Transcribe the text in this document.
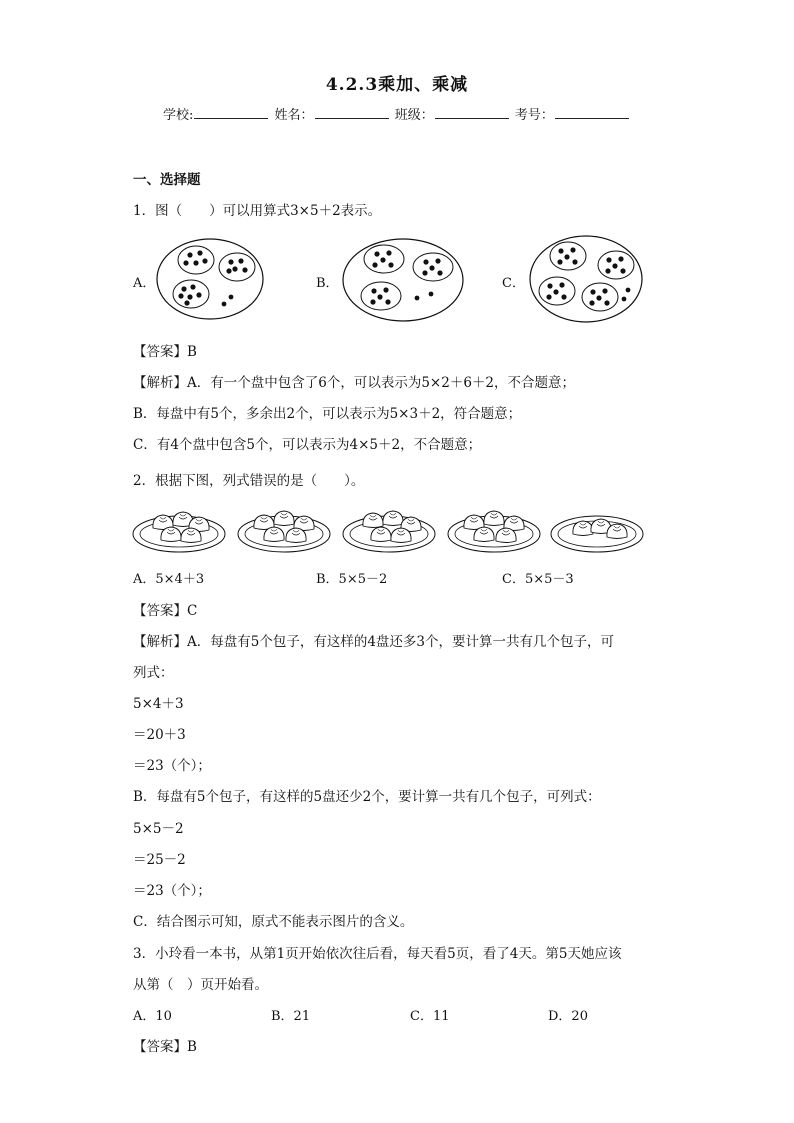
4.2.3乘加、乘减
学校:	姓名：	班级：	考号：
一、选择题
1．图（　　）可以用算式3×5＋2表示。
A．	B．	C．
【答案】B
【解析】A．有一个盘中包含了6个，可以表示为5×2＋6＋2，不合题意；
B．每盘中有5个，多余出2个，可以表示为5×3＋2，符合题意；
C．有4个盘中包含5个，可以表示为4×5＋2，不合题意；
2．根据下图，列式错误的是（　　）。
A．5×4＋3	B．5×5－2	C．5×5－3
【答案】C
【解析】A．每盘有5个包子，有这样的4盘还多3个，要计算一共有几个包子，可
列式：
5×4＋3
＝20＋3
＝23（个）；
B．每盘有5个包子，有这样的5盘还少2个，要计算一共有几个包子，可列式：
5×5－2
＝25－2
＝23（个）；
C．结合图示可知，原式不能表示图片的含义。
3．小玲看一本书，从第1页开始依次往后看，每天看5页，看了4天。第5天她应该
从第（　）页开始看。
A．10	B．21	C．11	D．20
【答案】B
